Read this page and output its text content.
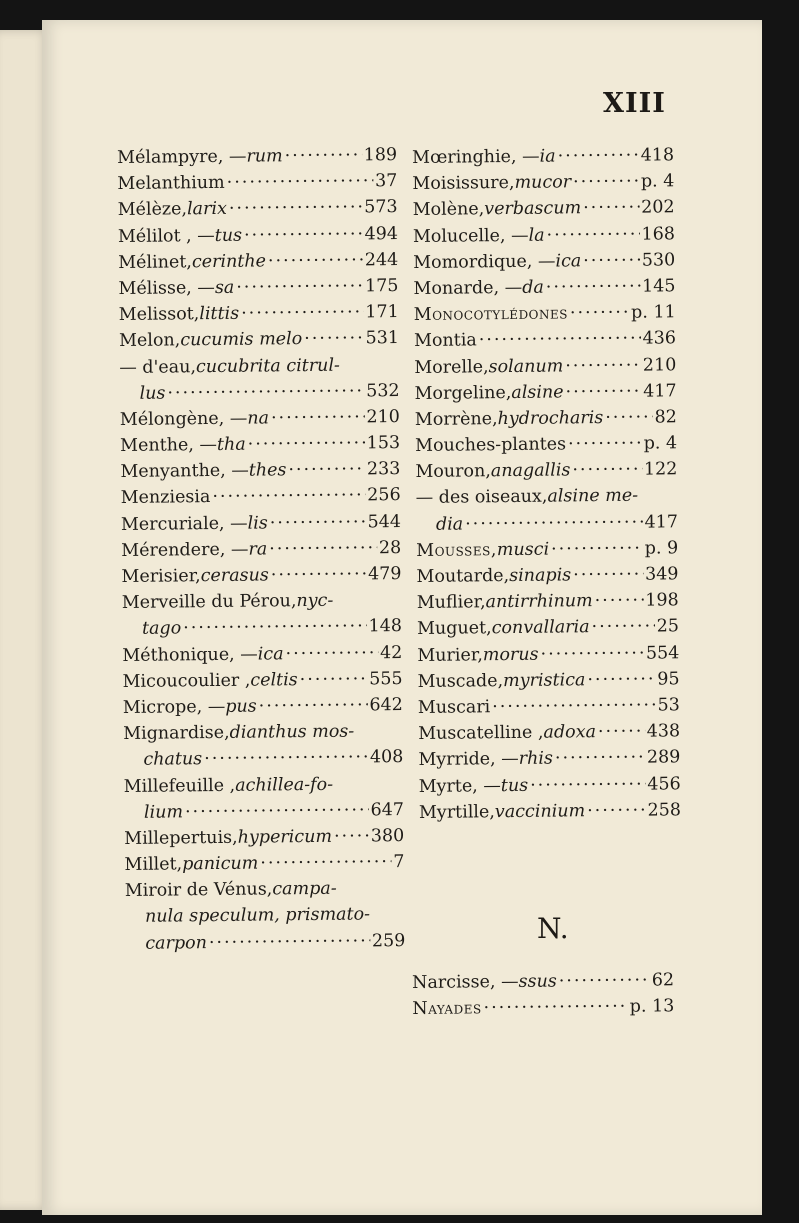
XIII
Mélampyre, — rum ·····	189
Melanthium ·····	37
Mélèze, larix ·····	573
Mélilot , — tus ·····	494
Mélinet, cerinthe ·····	244
Mélisse, — sa ·····	175
Melissot, littis ·····	171
Melon, cucumis melo ·····	531
— d'eau, cucubrita citrul-
lus ·····	532
Mélongène, — na ·····	210
Menthe, — tha ·····	153
Menyanthe, — thes ·····	233
Menziesia ·····	256
Mercuriale, — lis ·····	544
Mérendere, — ra ·····	28
Merisier, cerasus ·····	479
Merveille du Pérou, nyc-
tago ·····	148
Méthonique, — ica ·····	42
Micoucoulier , celtis ·····	555
Micrope, — pus ·····	642
Mignardise, dianthus mos-
chatus ·····	408
Millefeuille , achillea-fo-
lium ·····	647
Millepertuis, hypericum ····· 380
Millet, panicum ·····	7
Miroir de Vénus, campa-
nula speculum, prismato-
carpon ·····	259
Mœringhie, — ia ·····	418
Moisissure, mucor ·····	p. 4
Molène, verbascum ·····	202
Molucelle, — la ·····	168
Momordique, — ica ·····	530
Monarde, — da ·····	145
Monocotylédones ·····	p. 11
Montia ·····	436
Morelle, solanum ·····	210
Morgeline, alsine ·····	417
Morrène, hydrocharis ·····	82
Mouches-plantes ·····	p. 4
Mouron, anagallis ·····	122
— des oiseaux, alsine me-
dia ·····	417
Mousses, musci ·····	p. 9
Moutarde, sinapis ·····	349
Muflier, antirrhinum ·····	198
Muguet, convallaria ·····	25
Murier, morus ·····	554
Muscade, myristica ·····	95
Muscari ·····	53
Muscatelline , adoxa ·····	438
Myrride, — rhis ·····	289
Myrte, — tus ·····	456
Myrtille, vaccinium ·····	258
N.
Narcisse, — ssus ·····	62
Nayades ·····	p. 13
